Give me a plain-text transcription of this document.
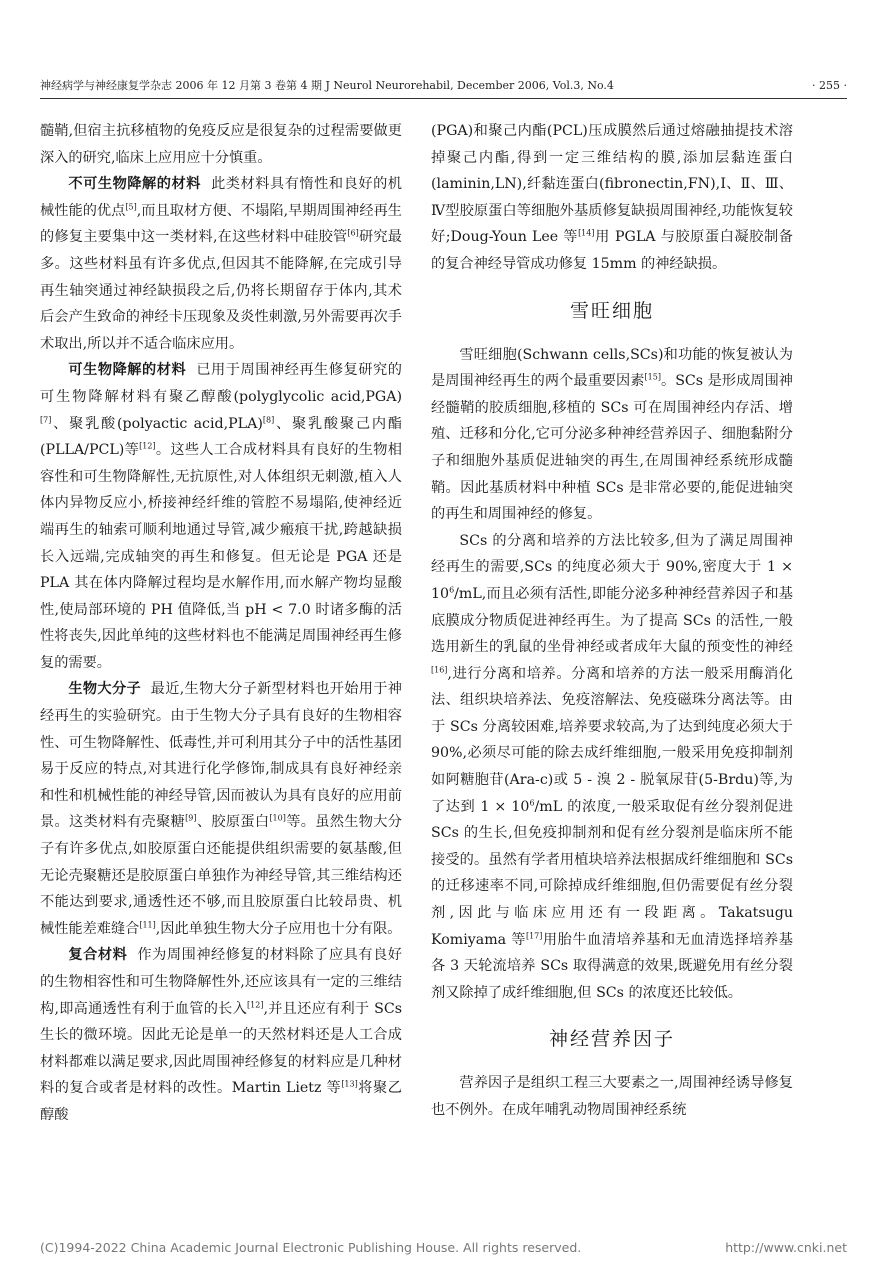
神经病学与神经康复学杂志 2006 年 12 月第 3 卷第 4 期 J Neurol Neurorehabil, December 2006, Vol.3, No.4	· 255 ·

髓鞘,但宿主抗移植物的免疫反应是很复杂的过程需要做更深入的研究,临床上应用应十分慎重。

不可生物降解的材料 此类材料具有惰性和良好的机械性能的优点[5],而且取材方便、不塌陷,早期周围神经再生的修复主要集中这一类材料,在这些材料中硅胶管[6]研究最多。这些材料虽有许多优点,但因其不能降解,在完成引导再生轴突通过神经缺损段之后,仍将长期留存于体内,其术后会产生致命的神经卡压现象及炎性刺激,另外需要再次手术取出,所以并不适合临床应用。

可生物降解的材料 已用于周围神经再生修复研究的可生物降解材料有聚乙醇酸(polyglycolic acid,PGA)[7]、聚乳酸(polyactic acid,PLA)[8]、聚乳酸聚己内酯(PLLA/PCL)等[12]。这些人工合成材料具有良好的生物相容性和可生物降解性,无抗原性,对人体组织无刺激,植入人体内异物反应小,桥接神经纤维的管腔不易塌陷,使神经近端再生的轴索可顺利地通过导管,减少瘢痕干扰,跨越缺损长入远端,完成轴突的再生和修复。但无论是 PGA 还是 PLA 其在体内降解过程均是水解作用,而水解产物均显酸性,使局部环境的 PH 值降低,当 pH < 7.0 时诸多酶的活性将丧失,因此单纯的这些材料也不能满足周围神经再生修复的需要。

生物大分子 最近,生物大分子新型材料也开始用于神经再生的实验研究。由于生物大分子具有良好的生物相容性、可生物降解性、低毒性,并可利用其分子中的活性基团易于反应的特点,对其进行化学修饰,制成具有良好神经亲和性和机械性能的神经导管,因而被认为具有良好的应用前景。这类材料有壳聚糖[9]、胶原蛋白[10]等。虽然生物大分子有许多优点,如胶原蛋白还能提供组织需要的氨基酸,但无论壳聚糖还是胶原蛋白单独作为神经导管,其三维结构还不能达到要求,通透性还不够,而且胶原蛋白比较昂贵、机械性能差难缝合[11],因此单独生物大分子应用也十分有限。

复合材料 作为周围神经修复的材料除了应具有良好的生物相容性和可生物降解性外,还应该具有一定的三维结构,即高通透性有利于血管的长入[12],并且还应有利于 SCs 生长的微环境。因此无论是单一的天然材料还是人工合成材料都难以满足要求,因此周围神经修复的材料应是几种材料的复合或者是材料的改性。Martin Lietz 等[13]将聚乙醇酸

(PGA)和聚己内酯(PCL)压成膜然后通过熔融抽提技术溶掉聚己内酯,得到一定三维结构的膜,添加层黏连蛋白(laminin,LN),纤黏连蛋白(fibronectin,FN),Ⅰ、Ⅱ、Ⅲ、Ⅳ型胶原蛋白等细胞外基质修复缺损周围神经,功能恢复较好;Doug-Youn Lee 等[14]用 PGLA 与胶原蛋白凝胶制备的复合神经导管成功修复 15mm 的神经缺损。

雪旺细胞

雪旺细胞(Schwann cells,SCs)和功能的恢复被认为是周围神经再生的两个最重要因素[15]。SCs 是形成周围神经髓鞘的胶质细胞,移植的 SCs 可在周围神经内存活、增殖、迁移和分化,它可分泌多种神经营养因子、细胞黏附分子和细胞外基质促进轴突的再生,在周围神经系统形成髓鞘。因此基质材料中种植 SCs 是非常必要的,能促进轴突的再生和周围神经的修复。

SCs 的分离和培养的方法比较多,但为了满足周围神经再生的需要,SCs 的纯度必须大于 90%,密度大于 $1 \times 10^6/mL$,而且必须有活性,即能分泌多种神经营养因子和基底膜成分物质促进神经再生。为了提高 SCs 的活性,一般选用新生的乳鼠的坐骨神经或者成年大鼠的预变性的神经[16],进行分离和培养。分离和培养的方法一般采用酶消化法、组织块培养法、免疫溶解法、免疫磁珠分离法等。由于 SCs 分离较困难,培养要求较高,为了达到纯度必须大于 90%,必须尽可能的除去成纤维细胞,一般采用免疫抑制剂如阿糖胞苷(Ara-c)或 5 - 溴 2 - 脱氧尿苷(5-Brdu)等,为了达到 $1 \times 10^6/mL$ 的浓度,一般采取促有丝分裂剂促进 SCs 的生长,但免疫抑制剂和促有丝分裂剂是临床所不能接受的。虽然有学者用植块培养法根据成纤维细胞和 SCs 的迁移速率不同,可除掉成纤维细胞,但仍需要促有丝分裂剂,因此与临床应用还有一段距离。Takatsugu Komiyama 等[17]用胎牛血清培养基和无血清选择培养基各 3 天轮流培养 SCs 取得满意的效果,既避免用有丝分裂剂又除掉了成纤维细胞,但 SCs 的浓度还比较低。

神经营养因子

营养因子是组织工程三大要素之一,周围神经诱导修复也不例外。在成年哺乳动物周围神经系统

(C)1994-2022 China Academic Journal Electronic Publishing House. All rights reserved.	http://www.cnki.net
